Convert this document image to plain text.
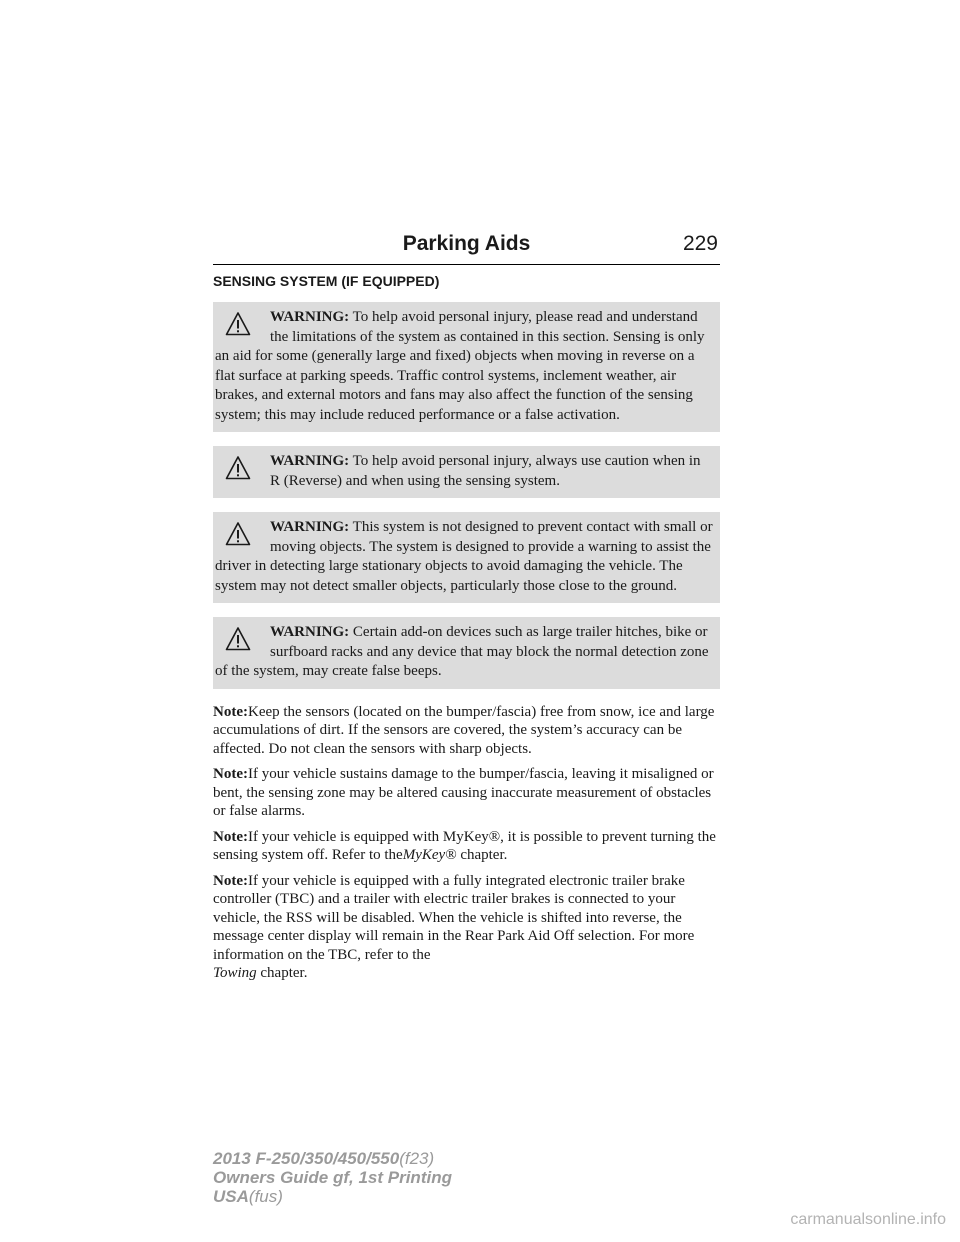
Parking Aids	229
SENSING SYSTEM (IF EQUIPPED)
WARNING: To help avoid personal injury, please read and understand the limitations of the system as contained in this section. Sensing is only an aid for some (generally large and fixed) objects when moving in reverse on a flat surface at parking speeds. Traffic control systems, inclement weather, air brakes, and external motors and fans may also affect the function of the sensing system; this may include reduced performance or a false activation.
WARNING: To help avoid personal injury, always use caution when in R (Reverse) and when using the sensing system.
WARNING: This system is not designed to prevent contact with small or moving objects. The system is designed to provide a warning to assist the driver in detecting large stationary objects to avoid damaging the vehicle. The system may not detect smaller objects, particularly those close to the ground.
WARNING: Certain add-on devices such as large trailer hitches, bike or surfboard racks and any device that may block the normal detection zone of the system, may create false beeps.

Note:Keep the sensors (located on the bumper/fascia) free from snow, ice and large accumulations of dirt. If the sensors are covered, the system’s accuracy can be affected. Do not clean the sensors with sharp objects.

Note:If your vehicle sustains damage to the bumper/fascia, leaving it misaligned or bent, the sensing zone may be altered causing inaccurate measurement of obstacles or false alarms.

Note:If your vehicle is equipped with MyKey®, it is possible to prevent turning the sensing system off. Refer to theMyKey® chapter.

Note:If your vehicle is equipped with a fully integrated electronic trailer brake controller (TBC) and a trailer with electric trailer brakes is connected to your vehicle, the RSS will be disabled. When the vehicle is shifted into reverse, the message center display will remain in the Rear Park Aid Off selection. For more information on the TBC, refer to the
Towing chapter.

2013 F-250/350/450/550(f23)
Owners Guide gf, 1st Printing
USA(fus)
carmanualsonline.info
